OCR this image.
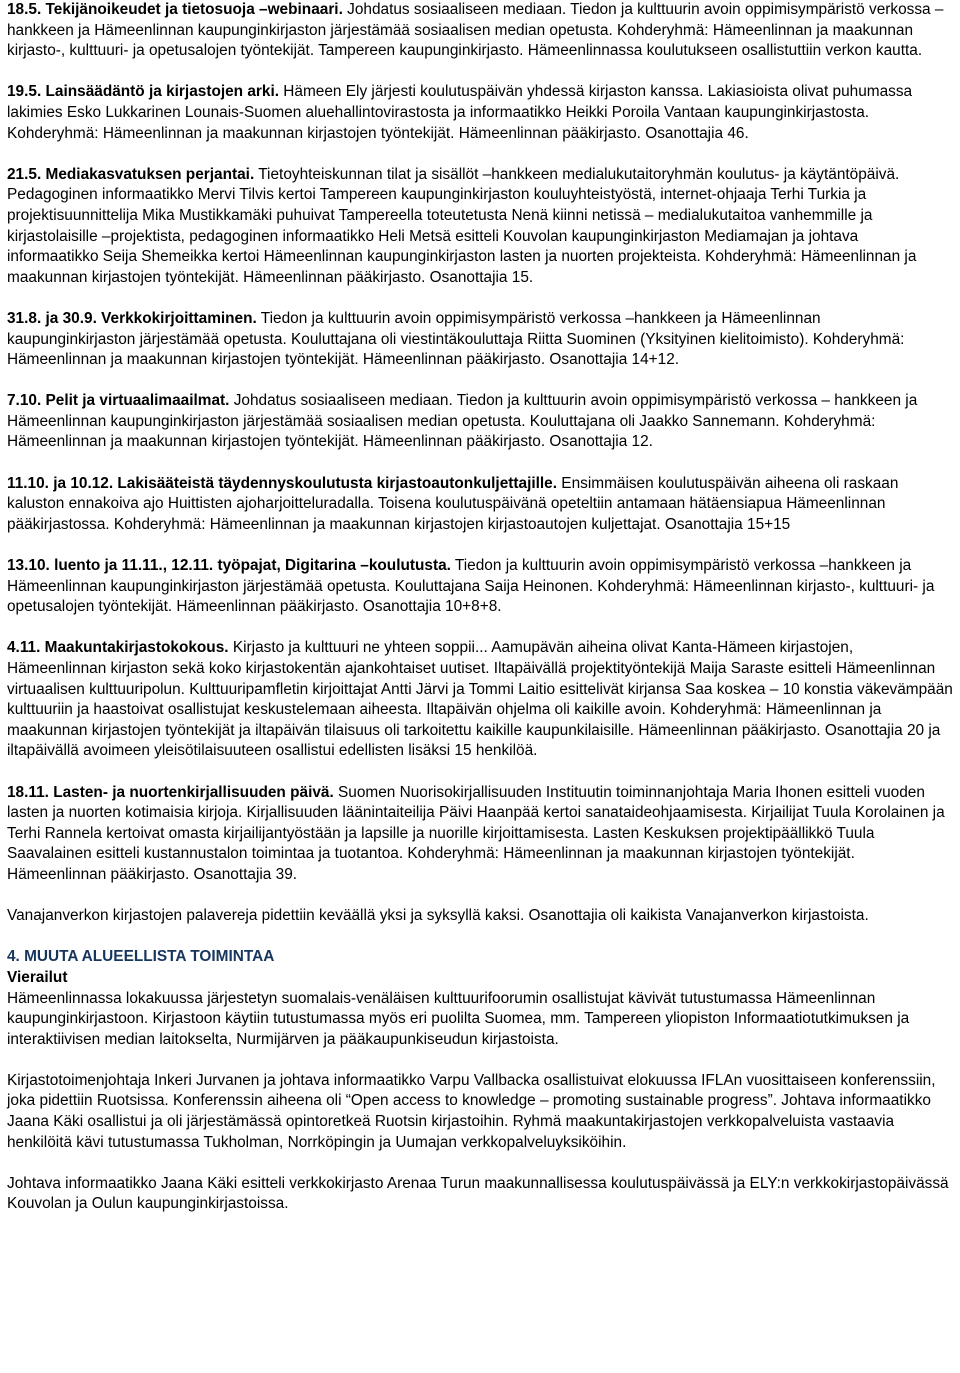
18.5. Tekijänoikeudet ja tietosuoja –webinaari. Johdatus sosiaaliseen mediaan. Tiedon ja kulttuurin avoin oppimisympäristö verkossa –hankkeen ja Hämeenlinnan kaupunginkirjaston järjestämää sosiaalisen median opetusta. Kohderyhmä: Hämeenlinnan ja maakunnan kirjasto-, kulttuuri- ja opetusalojen työntekijät. Tampereen kaupunginkirjasto. Hämeenlinnassa koulutukseen osallistuttiin verkon kautta.

19.5. Lainsäädäntö ja kirjastojen arki. Hämeen Ely järjesti koulutuspäivän yhdessä kirjaston kanssa. Lakiasioista olivat puhumassa lakimies Esko Lukkarinen Lounais-Suomen aluehallintovirastosta ja informaatikko Heikki Poroila Vantaan kaupunginkirjastosta. Kohderyhmä: Hämeenlinnan ja maakunnan kirjastojen työntekijät. Hämeenlinnan pääkirjasto. Osanottajia 46.

21.5. Mediakasvatuksen perjantai. Tietoyhteiskunnan tilat ja sisällöt –hankkeen medialukutaitoryhmän koulutus- ja käytäntöpäivä. Pedagoginen informaatikko Mervi Tilvis kertoi Tampereen kaupunginkirjaston kouluyhteistyöstä, internet-ohjaaja Terhi Turkia ja projektisuunnittelija Mika Mustikkamäki puhuivat Tampereella toteutetusta Nenä kiinni netissä – medialukutaitoa vanhemmille ja kirjastolaisille –projektista, pedagoginen informaatikko Heli Metsä esitteli Kouvolan kaupunginkirjaston Mediamajan ja johtava informaatikko Seija Shemeikka kertoi Hämeenlinnan kaupunginkirjaston lasten ja nuorten projekteista. Kohderyhmä: Hämeenlinnan ja maakunnan kirjastojen työntekijät. Hämeenlinnan pääkirjasto. Osanottajia 15.

31.8. ja 30.9. Verkkokirjoittaminen. Tiedon ja kulttuurin avoin oppimisympäristö verkossa –hankkeen ja Hämeenlinnan kaupunginkirjaston järjestämää opetusta. Kouluttajana oli viestintäkouluttaja Riitta Suominen (Yksityinen kielitoimisto). Kohderyhmä: Hämeenlinnan ja maakunnan kirjastojen työntekijät. Hämeenlinnan pääkirjasto. Osanottajia 14+12.

7.10. Pelit ja virtuaalimaailmat. Johdatus sosiaaliseen mediaan. Tiedon ja kulttuurin avoin oppimisympäristö verkossa – hankkeen ja Hämeenlinnan kaupunginkirjaston järjestämää sosiaalisen median opetusta. Kouluttajana oli Jaakko Sannemann. Kohderyhmä: Hämeenlinnan ja maakunnan kirjastojen työntekijät. Hämeenlinnan pääkirjasto. Osanottajia 12.

11.10. ja 10.12. Lakisääteistä täydennyskoulutusta kirjastoautonkuljettajille. Ensimmäisen koulutuspäivän aiheena oli raskaan kaluston ennakoiva ajo Huittisten ajoharjoitteluradalla. Toisena koulutuspäivänä opeteltiin antamaan hätäensiapua Hämeenlinnan pääkirjastossa. Kohderyhmä: Hämeenlinnan ja maakunnan kirjastojen kirjastoautojen kuljettajat. Osanottajia 15+15

13.10. luento ja 11.11., 12.11. työpajat, Digitarina –koulutusta. Tiedon ja kulttuurin avoin oppimisympäristö verkossa –hankkeen ja Hämeenlinnan kaupunginkirjaston järjestämää opetusta. Kouluttajana Saija Heinonen. Kohderyhmä: Hämeenlinnan kirjasto-, kulttuuri- ja opetusalojen työntekijät. Hämeenlinnan pääkirjasto. Osanottajia 10+8+8.

4.11. Maakuntakirjastokokous. Kirjasto ja kulttuuri ne yhteen soppii... Aamupävän aiheina olivat Kanta-Hämeen kirjastojen, Hämeenlinnan kirjaston sekä koko kirjastokentän ajankohtaiset uutiset. Iltapäivällä projektityöntekijä Maija Saraste esitteli Hämeenlinnan virtuaalisen kulttuuripolun. Kulttuuripamfletin kirjoittajat Antti Järvi ja Tommi Laitio esittelivät kirjansa Saa koskea – 10 konstia väkevämpään kulttuuriin ja haastoivat osallistujat keskustelemaan aiheesta. Iltapäivän ohjelma oli kaikille avoin. Kohderyhmä: Hämeenlinnan ja maakunnan kirjastojen työntekijät ja iltapäivän tilaisuus oli tarkoitettu kaikille kaupunkilaisille. Hämeenlinnan pääkirjasto. Osanottajia 20 ja iltapäivällä avoimeen yleisötilaisuuteen osallistui edellisten lisäksi 15 henkilöä.

18.11. Lasten- ja nuortenkirjallisuuden päivä. Suomen Nuorisokirjallisuuden Instituutin toiminnanjohtaja Maria Ihonen esitteli vuoden lasten ja nuorten kotimaisia kirjoja. Kirjallisuuden läänintaiteilija Päivi Haanpää kertoi sanataideohjaamisesta. Kirjailijat Tuula Korolainen ja Terhi Rannela kertoivat omasta kirjailijantyöstään ja lapsille ja nuorille kirjoittamisesta. Lasten Keskuksen projektipäällikkö Tuula Saavalainen esitteli kustannustalon toimintaa ja tuotantoa. Kohderyhmä: Hämeenlinnan ja maakunnan kirjastojen työntekijät. Hämeenlinnan pääkirjasto. Osanottajia 39.

Vanajanverkon kirjastojen palavereja pidettiin keväällä yksi ja syksyllä kaksi. Osanottajia oli kaikista Vanajanverkon kirjastoista.

4. MUUTA ALUEELLISTA TOIMINTAA
Vierailut

Hämeenlinnassa lokakuussa järjestetyn suomalais-venäläisen kulttuurifoorumin osallistujat kävivät tutustumassa Hämeenlinnan kaupunginkirjastoon. Kirjastoon käytiin tutustumassa myös eri puolilta Suomea, mm. Tampereen yliopiston Informaatiotutkimuksen ja interaktiivisen median laitokselta, Nurmijärven ja pääkaupunkiseudun kirjastoista.

Kirjastotoimenjohtaja Inkeri Jurvanen ja johtava informaatikko Varpu Vallbacka osallistuivat elokuussa IFLAn vuosittaiseen konferenssiin, joka pidettiin Ruotsissa. Konferenssin aiheena oli “Open access to knowledge – promoting sustainable progress”. Johtava informaatikko Jaana Käki osallistui ja oli järjestämässä opintoretkeä Ruotsin kirjastoihin. Ryhmä maakuntakirjastojen verkkopalveluista vastaavia henkilöitä kävi tutustumassa Tukholman, Norrköpingin ja Uumajan verkkopalveluyksiköihin.

Johtava informaatikko Jaana Käki esitteli verkkokirjasto Arenaa Turun maakunnallisessa koulutuspäivässä ja ELY:n verkkokirjastopäivässä Kouvolan ja Oulun kaupunginkirjastoissa.
